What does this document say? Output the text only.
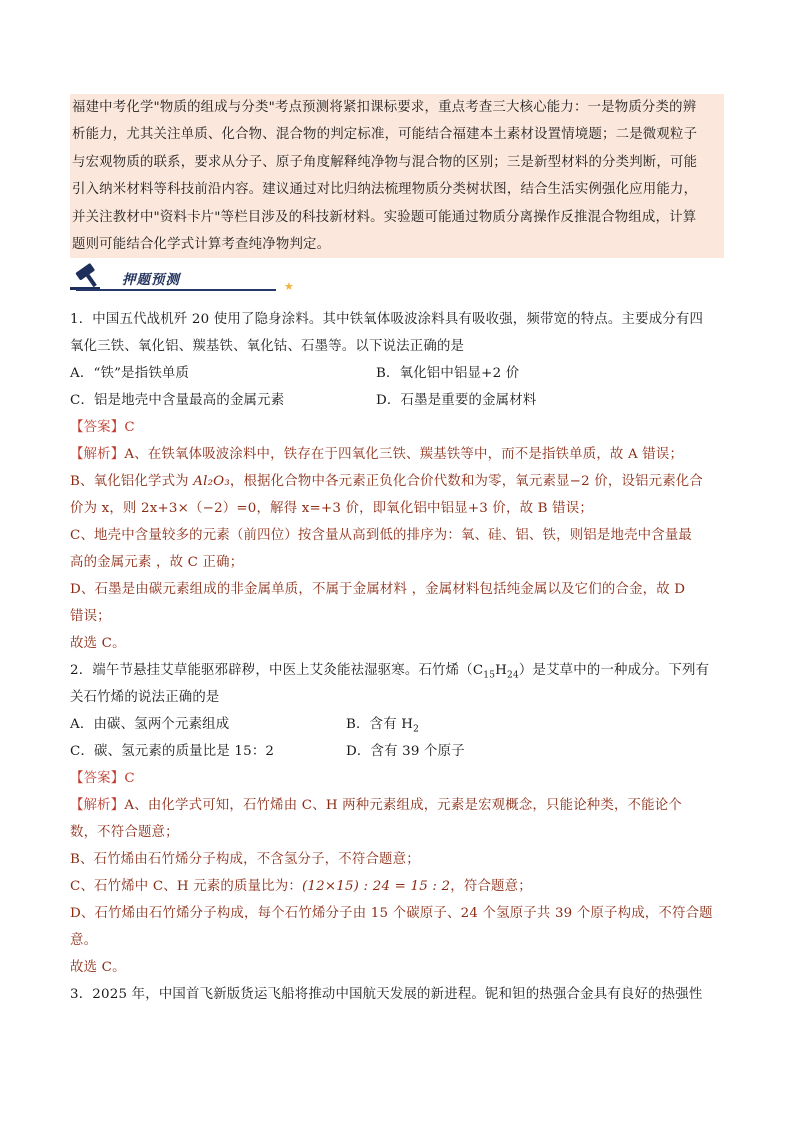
福建中考化学"物质的组成与分类"考点预测将紧扣课标要求，重点考查三大核心能力：一是物质分类的辨

析能力，尤其关注单质、化合物、混合物的判定标准，可能结合福建本土素材设置情境题；二是微观粒子

与宏观物质的联系，要求从分子、原子角度解释纯净物与混合物的区别；三是新型材料的分类判断，可能

引入纳米材料等科技前沿内容。建议通过对比归纳法梳理物质分类树状图，结合生活实例强化应用能力，

并关注教材中"资料卡片"等栏目涉及的科技新材料。实验题可能通过物质分离操作反推混合物组成，计算

题则可能结合化学式计算考查纯净物判定。

押题预测	★

1．中国五代战机歼 20 使用了隐身涂料。其中铁氧体吸波涂料具有吸收强，频带宽的特点。主要成分有四

氧化三铁、氧化铝、羰基铁、氧化钴、石墨等。以下说法正确的是

A．“铁”是指铁单质	B．氧化铝中铝显+2 价
C．铝是地壳中含量最高的金属元素	D．石墨是重要的金属材料

【答案】C

【解析】A、在铁氧体吸波涂料中，铁存在于四氧化三铁、羰基铁等中，而不是指铁单质，故 A 错误；

B、氧化铝化学式为 Al₂O₃，根据化合物中各元素正负化合价代数和为零，氧元素显−2 价，设铝元素化合

价为 x，则 2x+3×（−2）=0，解得 x=+3 价，即氧化铝中铝显+3 价，故 B 错误；

C、地壳中含量较多的元素（前四位）按含量从高到低的排序为：氧、硅、铝、铁，则铝是地壳中含量最

高的金属元素 ，故 C 正确；

D、石墨是由碳元素组成的非金属单质，不属于金属材料 ，金属材料包括纯金属以及它们的合金，故 D

错误；

故选 C。

2．端午节悬挂艾草能驱邪辟秽，中医上艾灸能祛湿驱寒。石竹烯$(C_{15}H_{24})$是艾草中的一种成分。下列有

关石竹烯的说法正确的是

A．由碳、氢两个元素组成	B．含有 $H_2$
C．碳、氢元素的质量比是 15：2	D．含有 39 个原子

【答案】C

【解析】A、由化学式可知，石竹烯由 C、H 两种元素组成，元素是宏观概念，只能论种类，不能论个

数，不符合题意；

B、石竹烯由石竹烯分子构成，不含氢分子，不符合题意；

C、石竹烯中 C、H 元素的质量比为：(12×15) : 24 = 15 : 2，符合题意；

D、石竹烯由石竹烯分子构成，每个石竹烯分子由 15 个碳原子、24 个氢原子共 39 个原子构成，不符合题

意。

故选 C。

3．2025 年，中国首飞新版货运飞船将推动中国航天发展的新进程。铌和钽的热强合金具有良好的热强性
